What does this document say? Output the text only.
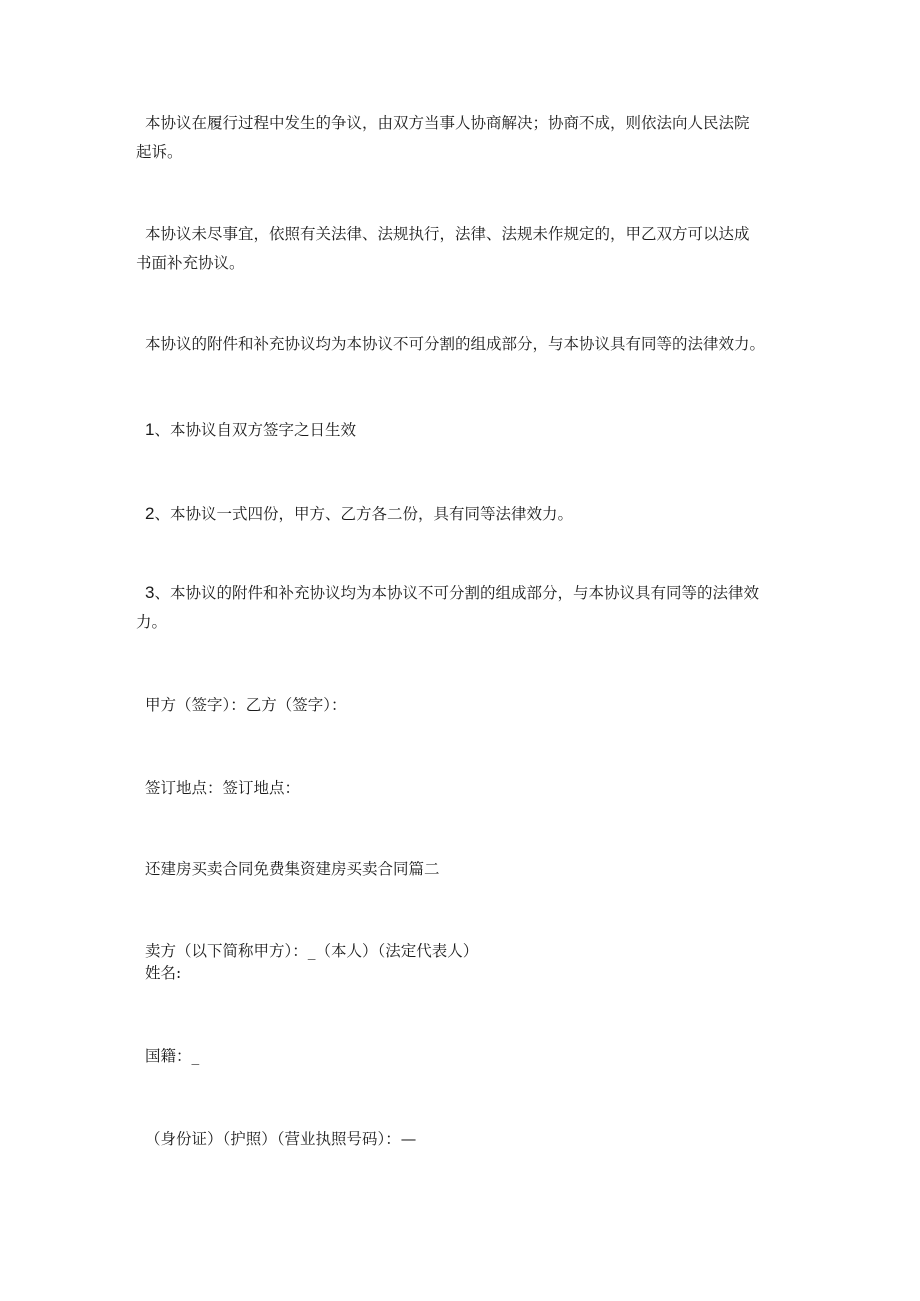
本协议在履行过程中发生的争议，由双方当事人协商解决；协商不成，则依法向人民法院
起诉。
本协议未尽事宜，依照有关法律、法规执行，法律、法规未作规定的，甲乙双方可以达成
书面补充协议。
本协议的附件和补充协议均为本协议不可分割的组成部分，与本协议具有同等的法律效力。
1、本协议自双方签字之日生效
2、本协议一式四份，甲方、乙方各二份，具有同等法律效力。
3、本协议的附件和补充协议均为本协议不可分割的组成部分，与本协议具有同等的法律效
力。
甲方（签字）：乙方（签字）：
签订地点：签订地点：
还建房买卖合同免费集资建房买卖合同篇二
卖方（以下简称甲方）：_（本人）（法定代表人）
姓名:
国籍：_
（身份证）（护照）（营业执照号码）：—
